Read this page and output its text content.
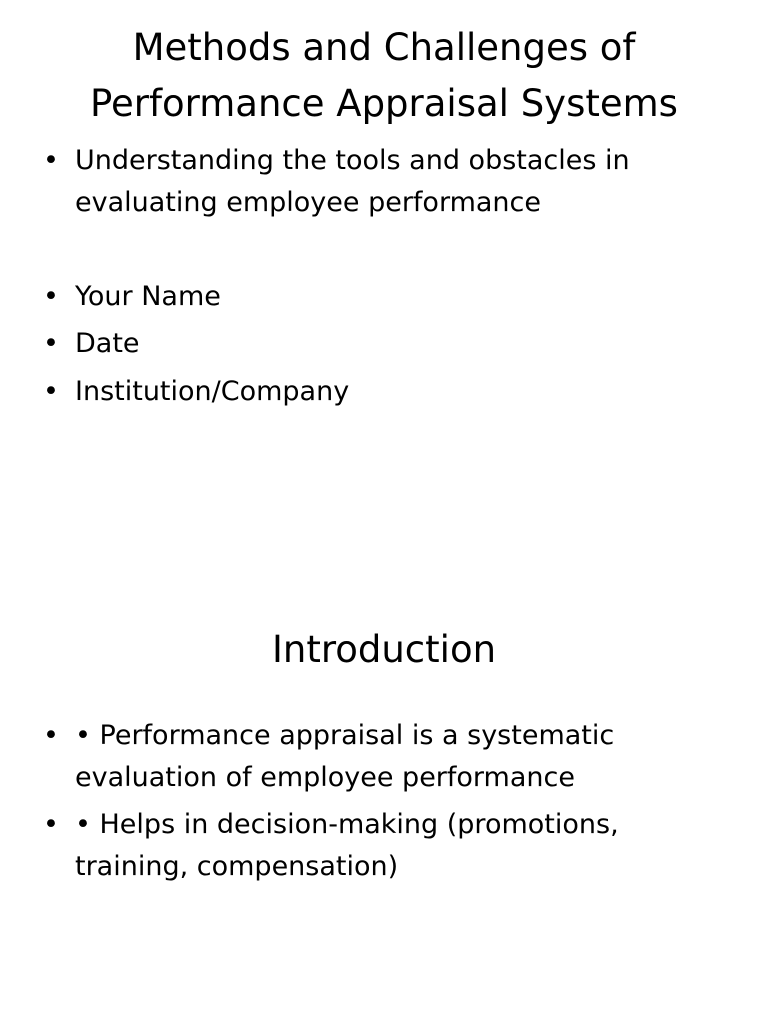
Methods and Challenges of Performance Appraisal Systems
• Understanding the tools and obstacles in evaluating employee performance
• Your Name
• Date
• Institution/Company
Introduction
• • Performance appraisal is a systematic evaluation of employee performance
• • Helps in decision-making (promotions, training, compensation)
